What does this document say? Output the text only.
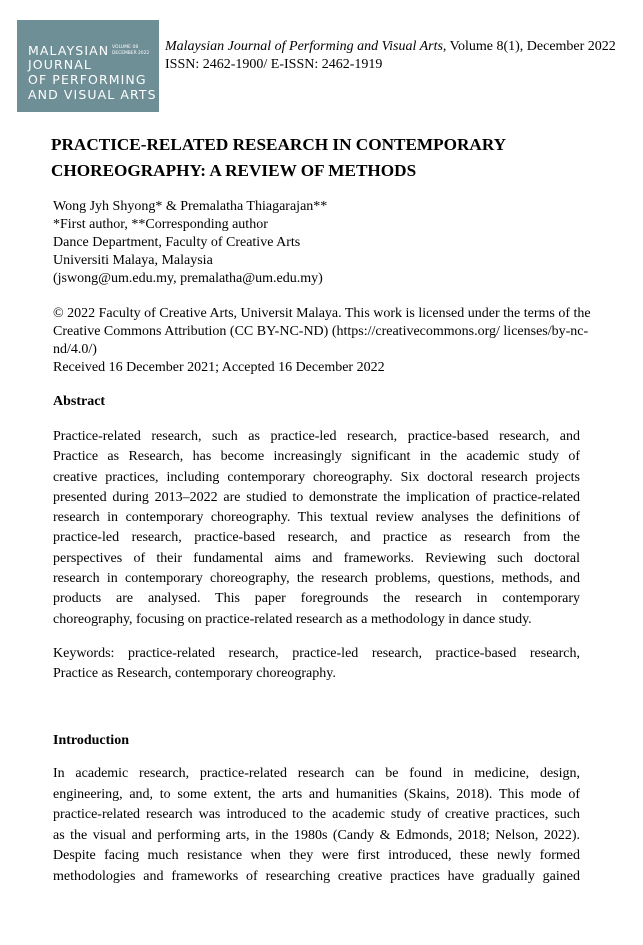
MALAYSIAN
JOURNAL
OF PERFORMING
AND VISUAL ARTS
VOLUME 08
DECEMBER 2022 Malaysian Journal of Performing and Visual Arts, Volume 8(1), December 2022
ISSN: 2462-1900/ E-ISSN: 2462-1919
PRACTICE-RELATED RESEARCH IN CONTEMPORARY
CHOREOGRAPHY: A REVIEW OF METHODS
Wong Jyh Shyong* & Premalatha Thiagarajan**
*First author, **Corresponding author
Dance Department, Faculty of Creative Arts
Universiti Malaya, Malaysia
(jswong@um.edu.my, premalatha@um.edu.my)
© 2022 Faculty of Creative Arts, Universit Malaya. This work is licensed under the terms of the Creative Commons Attribution (CC BY-NC-ND) (https://creativecommons.org/ licenses/by-nc-nd/4.0/)
Received 16 December 2021; Accepted 16 December 2022
Abstract
Practice-related research, such as practice-led research, practice-based research, and
Practice as Research, has become increasingly significant in the academic study of
creative practices, including contemporary choreography. Six doctoral research projects
presented during 2013–2022 are studied to demonstrate the implication of practice-related
research in contemporary choreography. This textual review analyses the definitions of
practice-led research, practice-based research, and practice as research from the
perspectives of their fundamental aims and frameworks. Reviewing such doctoral
research in contemporary choreography, the research problems, questions, methods, and
products are analysed. This paper foregrounds the research in contemporary
choreography, focusing on practice-related research as a methodology in dance study.
Keywords: practice-related research, practice-led research, practice-based research,
Practice as Research, contemporary choreography.
Introduction
In academic research, practice-related research can be found in medicine, design,
engineering, and, to some extent, the arts and humanities (Skains, 2018). This mode of
practice-related research was introduced to the academic study of creative practices, such
as the visual and performing arts, in the 1980s (Candy & Edmonds, 2018; Nelson, 2022).
Despite facing much resistance when they were first introduced, these newly formed
methodologies and frameworks of researching creative practices have gradually gained
